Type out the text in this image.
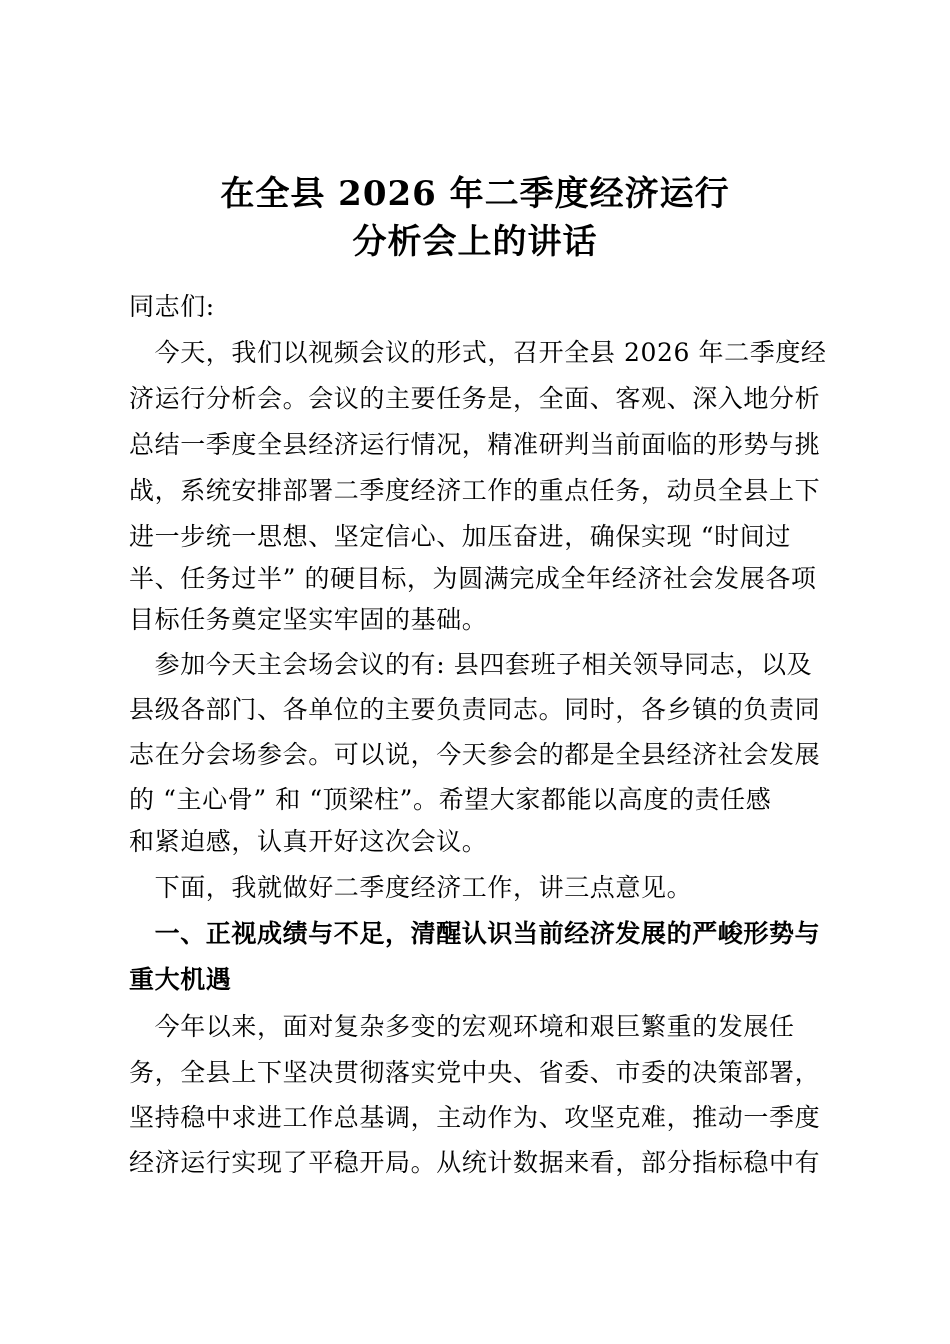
在全县 2026 年二季度经济运行
分析会上的讲话
同志们:
　今天，我们以视频会议的形式，召开全县 2026 年二季度经
济运行分析会。会议的主要任务是，全面、客观、深入地分析
总结一季度全县经济运行情况，精准研判当前面临的形势与挑
战，系统安排部署二季度经济工作的重点任务，动员全县上下
进一步统一思想、坚定信心、加压奋进，确保实现 “时间过
半、任务过半” 的硬目标，为圆满完成全年经济社会发展各项
目标任务奠定坚实牢固的基础。
　参加今天主会场会议的有: 县四套班子相关领导同志，以及
县级各部门、各单位的主要负责同志。同时，各乡镇的负责同
志在分会场参会。可以说，今天参会的都是全县经济社会发展
的 “主心骨” 和 “顶梁柱”。希望大家都能以高度的责任感
和紧迫感，认真开好这次会议。
　下面，我就做好二季度经济工作，讲三点意见。
　一、正视成绩与不足，清醒认识当前经济发展的严峻形势与
重大机遇
　今年以来，面对复杂多变的宏观环境和艰巨繁重的发展任
务，全县上下坚决贯彻落实党中央、省委、市委的决策部署，
坚持稳中求进工作总基调，主动作为、攻坚克难，推动一季度
经济运行实现了平稳开局。从统计数据来看，部分指标稳中有
